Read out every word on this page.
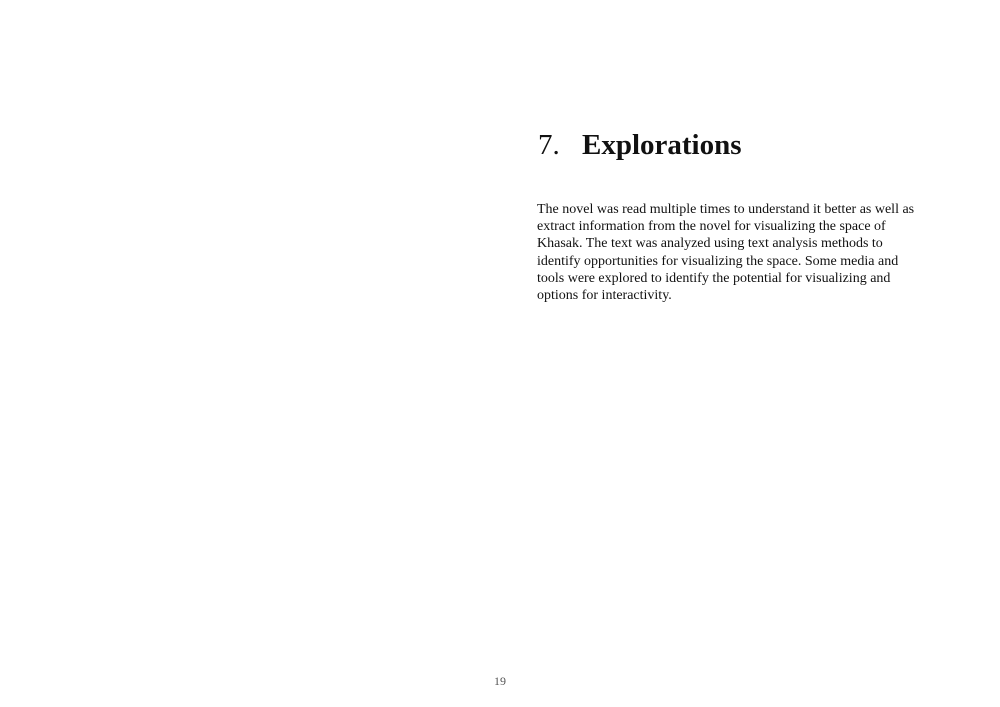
7. Explorations

The novel was read multiple times to understand it better as well as
extract information from the novel for visualizing the space of
Khasak. The text was analyzed using text analysis methods to
identify opportunities for visualizing the space. Some media and
tools were explored to identify the potential for visualizing and
options for interactivity.

19
